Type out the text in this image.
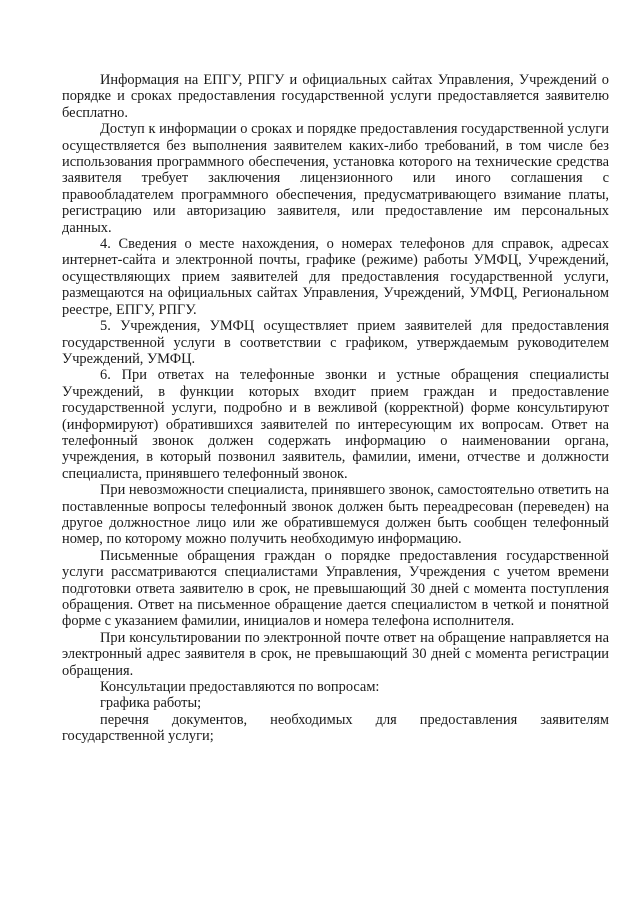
Информация на ЕПГУ, РПГУ и официальных сайтах Управления, Учреждений о порядке и сроках предоставления государственной услуги предоставляется заявителю бесплатно.

Доступ к информации о сроках и порядке предоставления государственной услуги осуществляется без выполнения заявителем каких-либо требований, в том числе без использования программного обеспечения, установка которого на технические средства заявителя требует заключения лицензионного или иного соглашения с правообладателем программного обеспечения, предусматривающего взимание платы, регистрацию или авторизацию заявителя, или предоставление им персональных данных.

4. Сведения о месте нахождения, о номерах телефонов для справок, адресах интернет-сайта и электронной почты, графике (режиме) работы УМФЦ, Учреждений, осуществляющих прием заявителей для предоставления государственной услуги, размещаются на официальных сайтах Управления, Учреждений, УМФЦ, Региональном реестре, ЕПГУ, РПГУ.

5. Учреждения, УМФЦ осуществляет прием заявителей для предоставления государственной услуги в соответствии с графиком, утверждаемым руководителем Учреждений, УМФЦ.

6. При ответах на телефонные звонки и устные обращения специалисты Учреждений, в функции которых входит прием граждан и предоставление государственной услуги, подробно и в вежливой (корректной) форме консультируют (информируют) обратившихся заявителей по интересующим их вопросам. Ответ на телефонный звонок должен содержать информацию о наименовании органа, учреждения, в который позвонил заявитель, фамилии, имени, отчестве и должности специалиста, принявшего телефонный звонок.

При невозможности специалиста, принявшего звонок, самостоятельно ответить на поставленные вопросы телефонный звонок должен быть переадресован (переведен) на другое должностное лицо или же обратившемуся должен быть сообщен телефонный номер, по которому можно получить необходимую информацию.

Письменные обращения граждан о порядке предоставления государственной услуги рассматриваются специалистами Управления, Учреждения с учетом времени подготовки ответа заявителю в срок, не превышающий 30 дней с момента поступления обращения. Ответ на письменное обращение дается специалистом в четкой и понятной форме с указанием фамилии, инициалов и номера телефона исполнителя.

При консультировании по электронной почте ответ на обращение направляется на электронный адрес заявителя в срок, не превышающий 30 дней с момента регистрации обращения.

Консультации предоставляются по вопросам:

графика работы;

перечня документов, необходимых для предоставления заявителям государственной услуги;
